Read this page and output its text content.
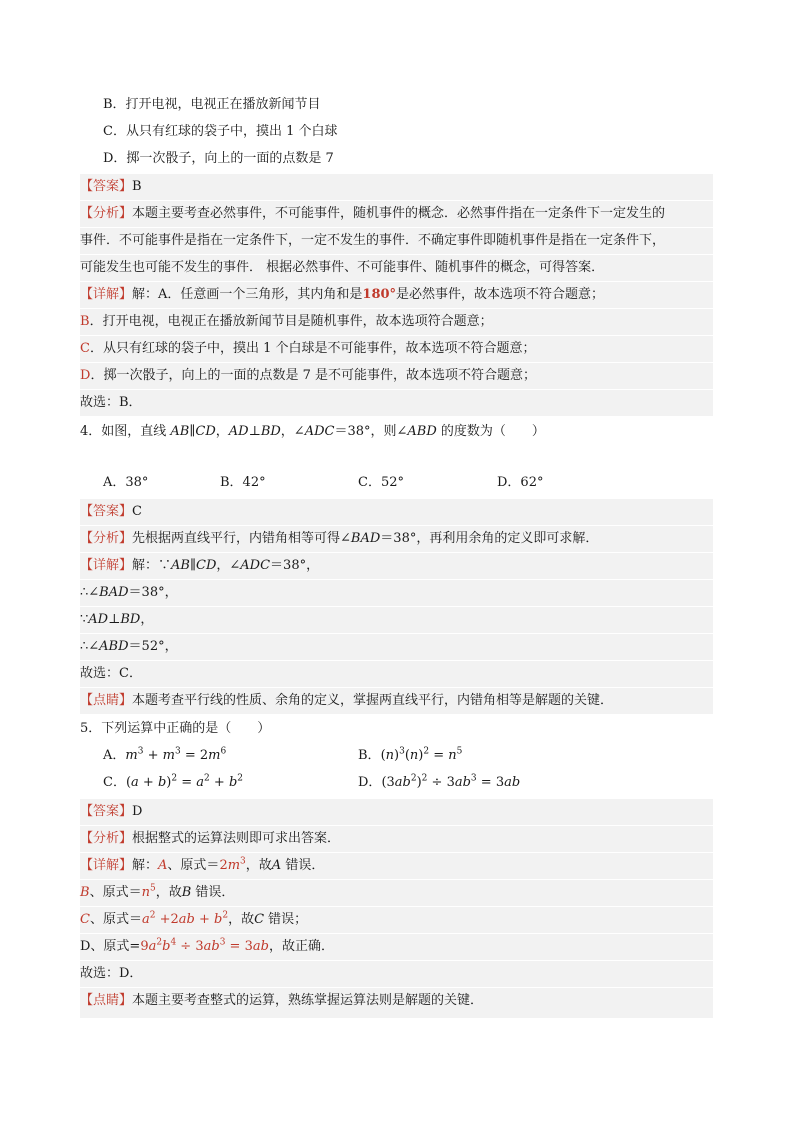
B．打开电视，电视正在播放新闻节目
C．从只有红球的袋子中，摸出 1 个白球
D．掷一次骰子，向上的一面的点数是 7
【答案】B
【分析】本题主要考查必然事件，不可能事件，随机事件的概念．必然事件指在一定条件下一定发生的
事件．不可能事件是指在一定条件下，一定不发生的事件．不确定事件即随机事件是指在一定条件下，
可能发生也可能不发生的事件． 根据必然事件、不可能事件、随机事件的概念，可得答案．
【详解】解：A．任意画一个三角形，其内角和是180°是必然事件，故本选项不符合题意；
B．打开电视，电视正在播放新闻节目是随机事件，故本选项符合题意；
C．从只有红球的袋子中，摸出 1 个白球是不可能事件，故本选项不符合题意；
D．掷一次骰子，向上的一面的点数是 7 是不可能事件，故本选项不符合题意；
故选：B．
4．如图，直线 AB∥CD，AD⊥BD，∠ADC＝38°，则∠ABD 的度数为（　　）
A．38°	B．42°	C．52°	D．62°
【答案】C
【分析】先根据两直线平行，内错角相等可得∠BAD＝38°，再利用余角的定义即可求解．
【详解】解：∵AB∥CD，∠ADC＝38°，
∴∠BAD＝38°，
∵AD⊥BD，
∴∠ABD＝52°，
故选：C．
【点睛】本题考查平行线的性质、余角的定义，掌握两直线平行，内错角相等是解题的关键．
5．下列运算中正确的是（　　）
A．$m^3 + m^3 = 2m^6$	B．$(n)^3(n)^2 = n^5$
C．$(a + b)^2 = a^2 + b^2$	D．$(3ab^2)^2 \div 3ab^3 = 3ab$
【答案】D
【分析】根据整式的运算法则即可求出答案．
【详解】解：A、原式$=2m^3$，故A 错误．
B、原式$=n^5$，故B 错误．
C、原式$=a^2 +2ab + b^2$，故C 错误；
D、原式$=9a^2b^4 \div 3ab^3 = 3ab$，故正确．
故选：D．
【点睛】本题主要考查整式的运算，熟练掌握运算法则是解题的关键．
